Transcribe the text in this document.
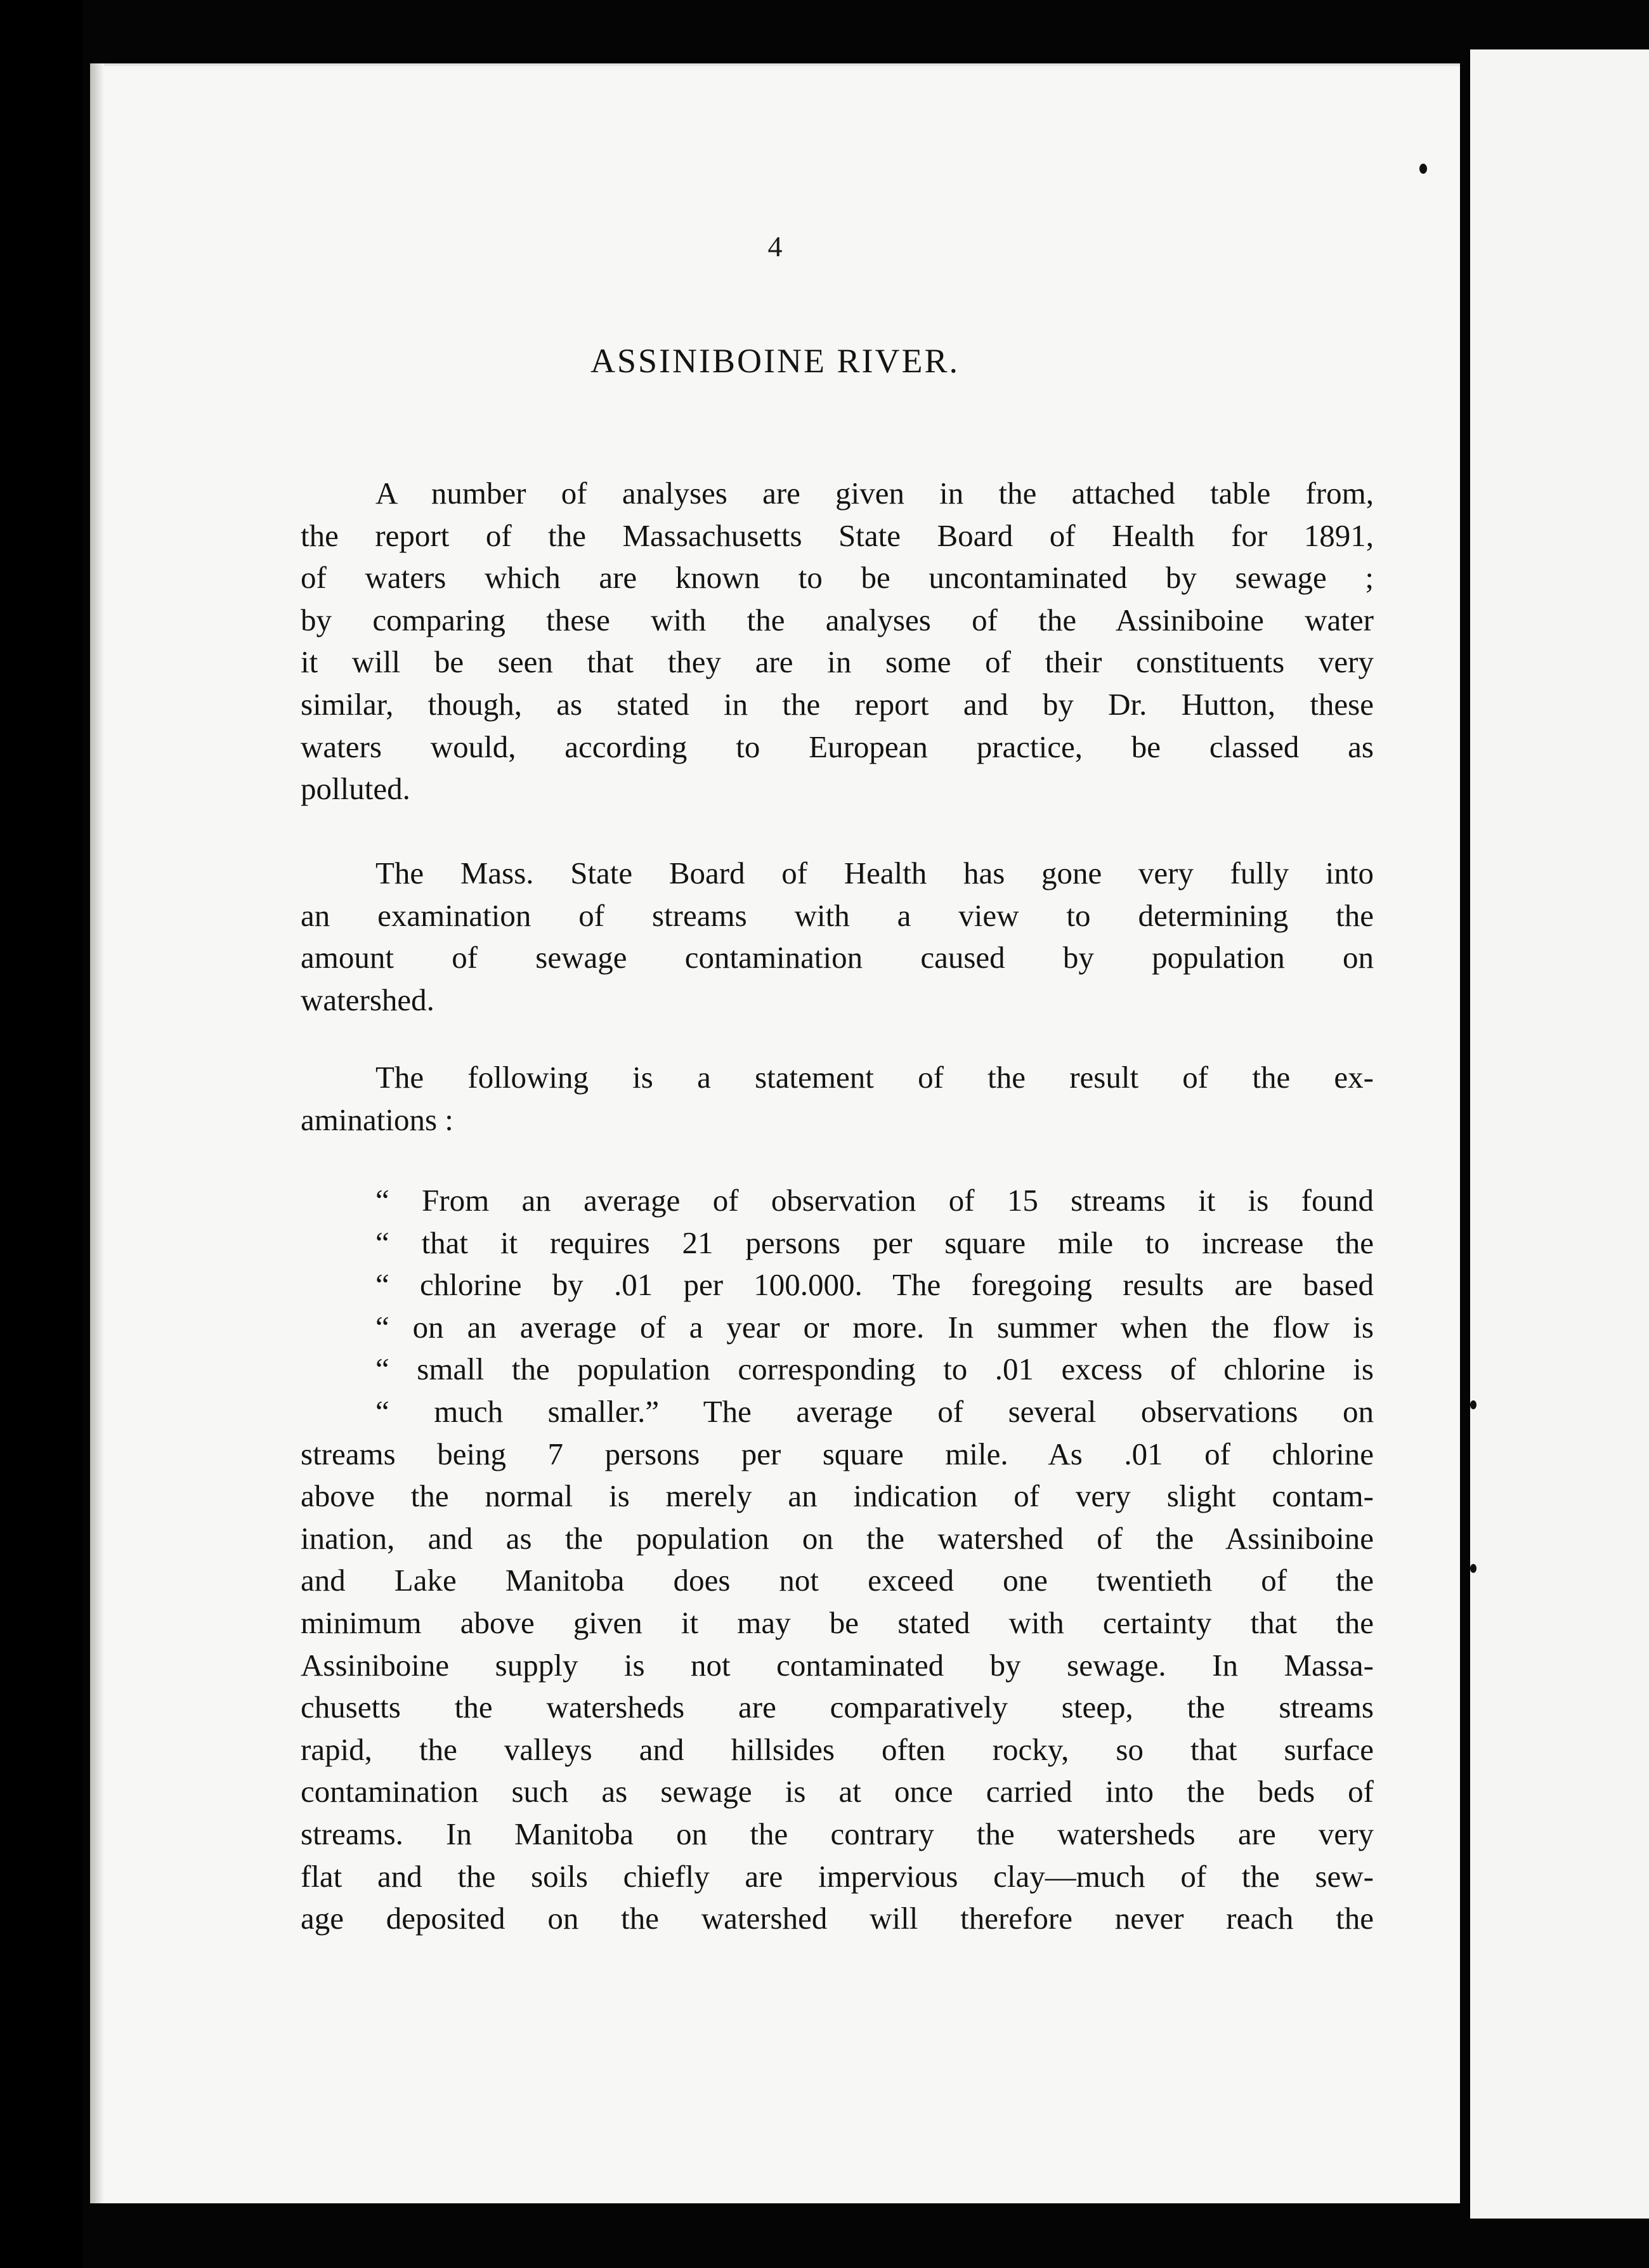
4
ASSINIBOINE RIVER.
A number of analyses are given in the attached table from,
the report of the Massachusetts State Board of Health for 1891,
of waters which are known to be uncontaminated by sewage ;
by comparing these with the analyses of the Assiniboine water
it will be seen that they are in some of their constituents very
similar, though, as stated in the report and by Dr. Hutton, these
waters would, according to European practice, be classed as
polluted.
The Mass. State Board of Health has gone very fully into
an examination of streams with a view to determining the
amount of sewage contamination caused by population on
watershed.
The following is a statement of the result of the ex-
aminations :
“ From an average of observation of 15 streams it is found
“ that it requires 21 persons per square mile to increase the
“ chlorine by .01 per 100.000. The foregoing results are based
“ on an average of a year or more. In summer when the flow is
“ small the population corresponding to .01 excess of chlorine is
“ much smaller.” The average of several observations on
streams being 7 persons per square mile. As .01 of chlorine
above the normal is merely an indication of very slight contam-
ination, and as the population on the watershed of the Assiniboine
and Lake Manitoba does not exceed one twentieth of the
minimum above given it may be stated with certainty that the
Assiniboine supply is not contaminated by sewage. In Massa-
chusetts the watersheds are comparatively steep, the streams
rapid, the valleys and hillsides often rocky, so that surface
contamination such as sewage is at once carried into the beds of
streams. In Manitoba on the contrary the watersheds are very
flat and the soils chiefly are impervious clay—much of the sew-
age deposited on the watershed will therefore never reach the
